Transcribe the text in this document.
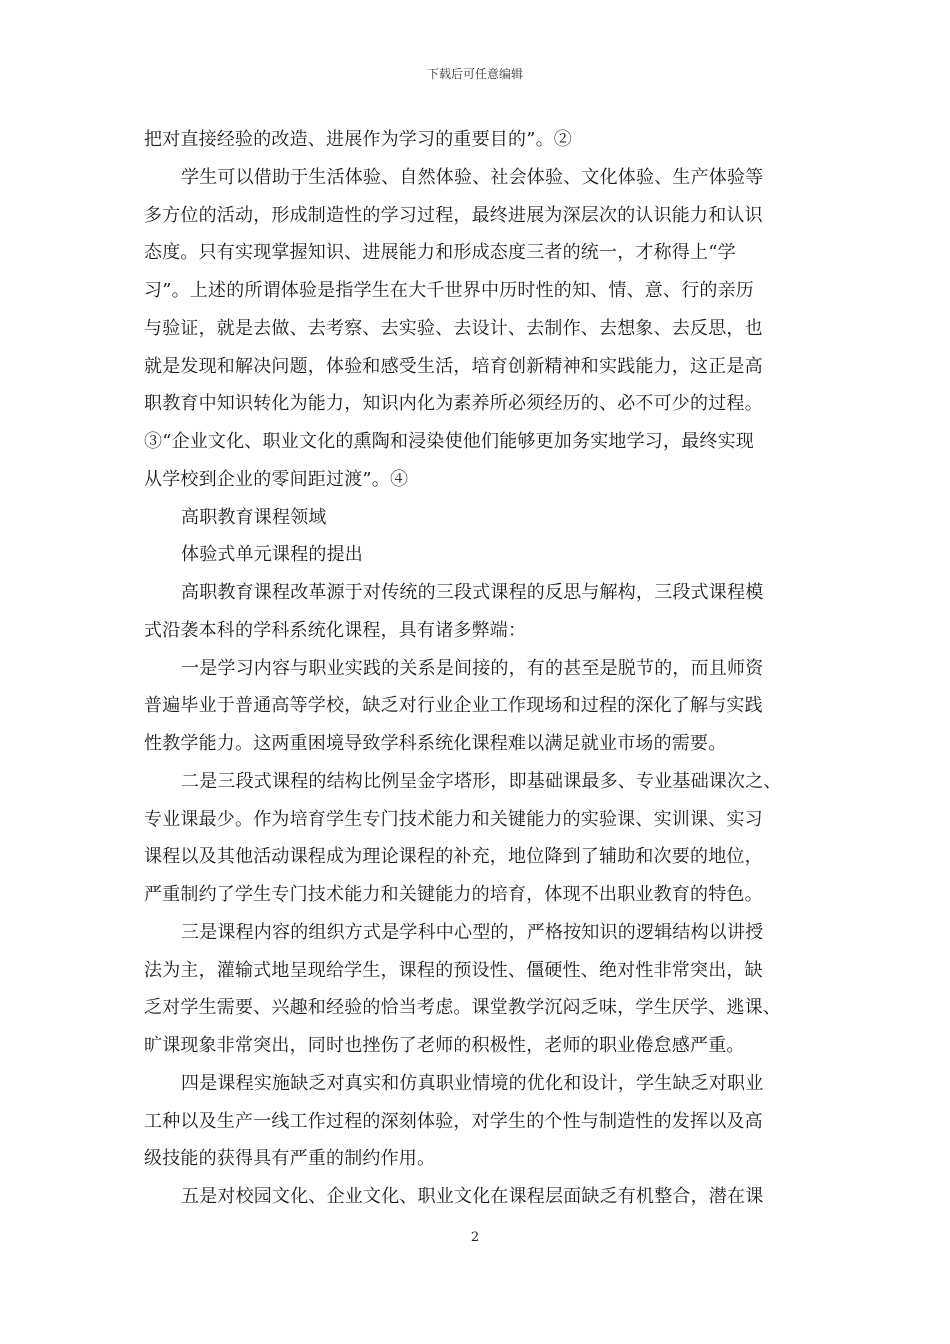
下载后可任意编辑
把对直接经验的改造、进展作为学习的重要目的”。②
学生可以借助于生活体验、自然体验、社会体验、文化体验、生产体验等
多方位的活动，形成制造性的学习过程，最终进展为深层次的认识能力和认识
态度。只有实现掌握知识、进展能力和形成态度三者的统一，才称得上“学
习”。上述的所谓体验是指学生在大千世界中历时性的知、情、意、行的亲历
与验证，就是去做、去考察、去实验、去设计、去制作、去想象、去反思，也
就是发现和解决问题，体验和感受生活，培育创新精神和实践能力，这正是高
职教育中知识转化为能力，知识内化为素养所必须经历的、必不可少的过程。
③“企业文化、职业文化的熏陶和浸染使他们能够更加务实地学习，最终实现
从学校到企业的零间距过渡”。④
高职教育课程领域
体验式单元课程的提出
高职教育课程改革源于对传统的三段式课程的反思与解构，三段式课程模
式沿袭本科的学科系统化课程，具有诸多弊端：
一是学习内容与职业实践的关系是间接的，有的甚至是脱节的，而且师资
普遍毕业于普通高等学校，缺乏对行业企业工作现场和过程的深化了解与实践
性教学能力。这两重困境导致学科系统化课程难以满足就业市场的需要。
二是三段式课程的结构比例呈金字塔形，即基础课最多、专业基础课次之、
专业课最少。作为培育学生专门技术能力和关键能力的实验课、实训课、实习
课程以及其他活动课程成为理论课程的补充，地位降到了辅助和次要的地位，
严重制约了学生专门技术能力和关键能力的培育，体现不出职业教育的特色。
三是课程内容的组织方式是学科中心型的，严格按知识的逻辑结构以讲授
法为主，灌输式地呈现给学生，课程的预设性、僵硬性、绝对性非常突出，缺
乏对学生需要、兴趣和经验的恰当考虑。课堂教学沉闷乏味，学生厌学、逃课、
旷课现象非常突出，同时也挫伤了老师的积极性，老师的职业倦怠感严重。
四是课程实施缺乏对真实和仿真职业情境的优化和设计，学生缺乏对职业
工种以及生产一线工作过程的深刻体验，对学生的个性与制造性的发挥以及高
级技能的获得具有严重的制约作用。
五是对校园文化、企业文化、职业文化在课程层面缺乏有机整合，潜在课
2
